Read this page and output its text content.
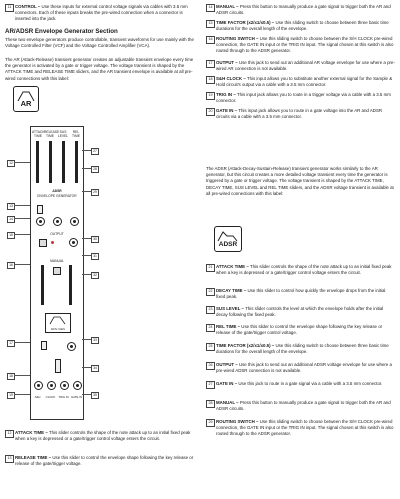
11 CONTROL – Use these inputs for external control voltage signals via cables with 3.5 mm connectors. Each of these inputs breaks the pre-wired connection when a connector is inserted into the jack.
AR/ADSR Envelope Generator Section
These two envelope generators produce controllable, transient waveforms for use mainly with the Voltage Controlled Filter (VCF) and the Voltage Controlled Amplifier (VCA).
The AR (Attack-Release) transient generator creates an adjustable transient envelope every time the generator is activated by a gate or trigger voltage. The voltage transient is shaped by the ATTACK TIME and RELEASE TIME sliders, and the AR transient envelope is available at all pre-wired connections with this label:
AR
ATTACK TIME
RELEASE TIME
SUS LEVEL
REL TIME
ADSR
ENVELOPE GENERATOR
OUTPUT
MANUAL
ENV GEN
S&H	CLOCK	TRIG IN GATE IN
12
13
14
15
16
17
18
19
27
28
29
30
31
32
33
34
35
12 ATTACK TIME – This slider controls the shape of the note attack up to an initial fixed peak when a key is depressed or a gate/trigger control voltage enters the circuit.
13 RELEASE TIME – Use this slider to control the envelope shape following the key release or release of the gate/trigger voltage.
14 MANUAL – Press this button to manually produce a gate signal to trigger both the AR and ADSR circuits.
15 TIME FACTOR (x2/x1/x0.5) – Use this sliding switch to choose between three basic time durations for the overall length of the envelope.
16 ROUTING SWITCH – Use this sliding switch to choose between the S/H CLOCK pre-wired connection, the GATE IN input or the TRIG IN input. The signal chosen at this switch is also routed through to the ADSR generator.
17 OUTPUT – Use this jack to send out an additional AR voltage envelope for use where a pre-wired AR connection is not available.
18 S&H CLOCK – This input allows you to substitute another external signal for the Sample & Hold circuit's output via a cable with a 3.5 mm connector.
19 TRIG IN – This input jack allows you to route in a trigger voltage via a cable with a 3.5 mm connector.
20 GATE IN – This input jack allows you to route in a gate voltage into the AR and ADSR circuits via a cable with a 3.5 mm connector.
The ADSR (Attack-Decay-Sustain-Release) transient generator works similarly to the AR generator, but this circuit creates a more detailed voltage transient every time the generator is triggered by a gate or trigger voltage. The voltage transient is shaped by the ATTACK TIME, DECAY TIME, SUS LEVEL and REL TIME sliders, and the ADSR voltage transient is available at all pre-wired connections with this label:
ADSR
21 ATTACK TIME – This slider controls the shape of the note attack up to an initial fixed peak when a key is depressed or a gate/trigger control voltage enters the circuit.
22 DECAY TIME – Use this slider to control how quickly the envelope drops from the initial fixed peak.
23 SUS LEVEL – This slider controls the level at which the envelope holds after the initial decay following the fixed peak.
24 REL TIME – Use this slider to control the envelope shape following the key release or release of the gate/trigger control voltage.
25 TIME FACTOR (x2/x1/x0.5) – Use this sliding switch to choose between three basic time durations for the overall length of the envelope.
26 OUTPUT – Use this jack to send out an additional ADSR voltage envelope for use where a pre-wired ADSR connection is not available.
27 GATE IN – Use this jack to route in a gate signal via a cable with a 3.5 mm connector.
28 MANUAL – Press this button to manually produce a gate signal to trigger both the AR and ADSR circuits.
29 ROUTING SWITCH – Use this sliding switch to choose between the S/H CLOCK pre-wired connection, the GATE IN input or the TRIG IN input. The signal chosen at this switch is also routed through to the ADSR generator.
